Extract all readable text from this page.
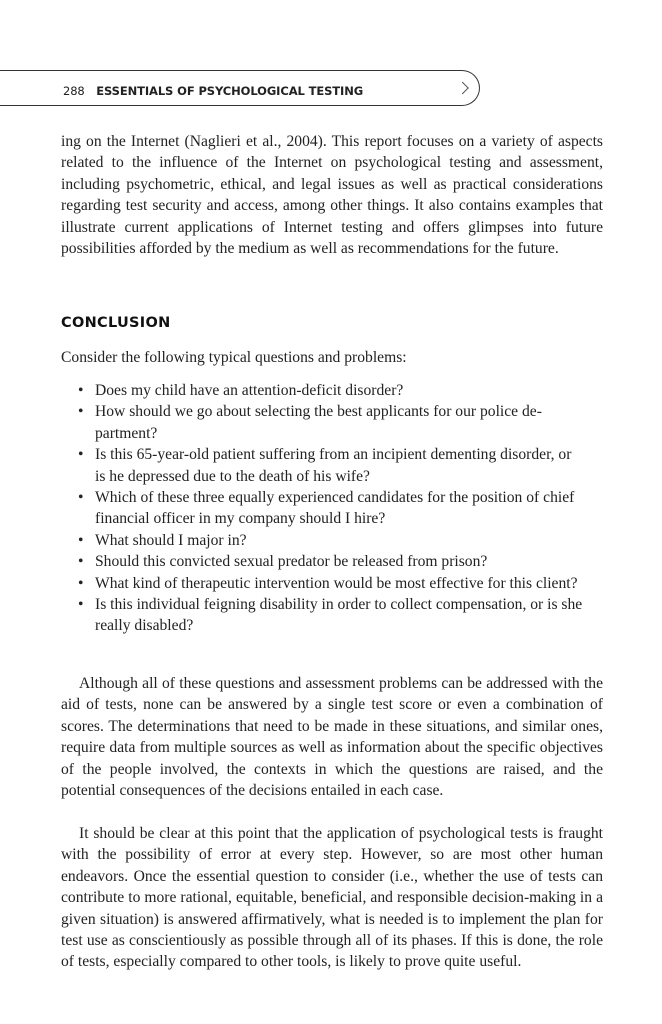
288 ESSENTIALS OF PSYCHOLOGICAL TESTING

ing on the Internet (Naglieri et al., 2004). This report focuses on a variety of aspects related to the influence of the Internet on psychological testing and assessment, including psychometric, ethical, and legal issues as well as practical considerations regarding test security and access, among other things. It also contains examples that illustrate current applications of Internet testing and offers glimpses into future possibilities afforded by the medium as well as recommendations for the future.

CONCLUSION

Consider the following typical questions and problems:

• Does my child have an attention-deficit disorder?
• How should we go about selecting the best applicants for our police department?
• Is this 65-year-old patient suffering from an incipient dementing disorder, or is he depressed due to the death of his wife?
• Which of these three equally experienced candidates for the position of chief financial officer in my company should I hire?
• What should I major in?
• Should this convicted sexual predator be released from prison?
• What kind of therapeutic intervention would be most effective for this client?
• Is this individual feigning disability in order to collect compensation, or is she really disabled?

Although all of these questions and assessment problems can be addressed with the aid of tests, none can be answered by a single test score or even a combination of scores. The determinations that need to be made in these situations, and similar ones, require data from multiple sources as well as information about the specific objectives of the people involved, the contexts in which the questions are raised, and the potential consequences of the decisions entailed in each case.

It should be clear at this point that the application of psychological tests is fraught with the possibility of error at every step. However, so are most other human endeavors. Once the essential question to consider (i.e., whether the use of tests can contribute to more rational, equitable, beneficial, and responsible decision-making in a given situation) is answered affirmatively, what is needed is to implement the plan for test use as conscientiously as possible through all of its phases. If this is done, the role of tests, especially compared to other tools, is likely to prove quite useful.
